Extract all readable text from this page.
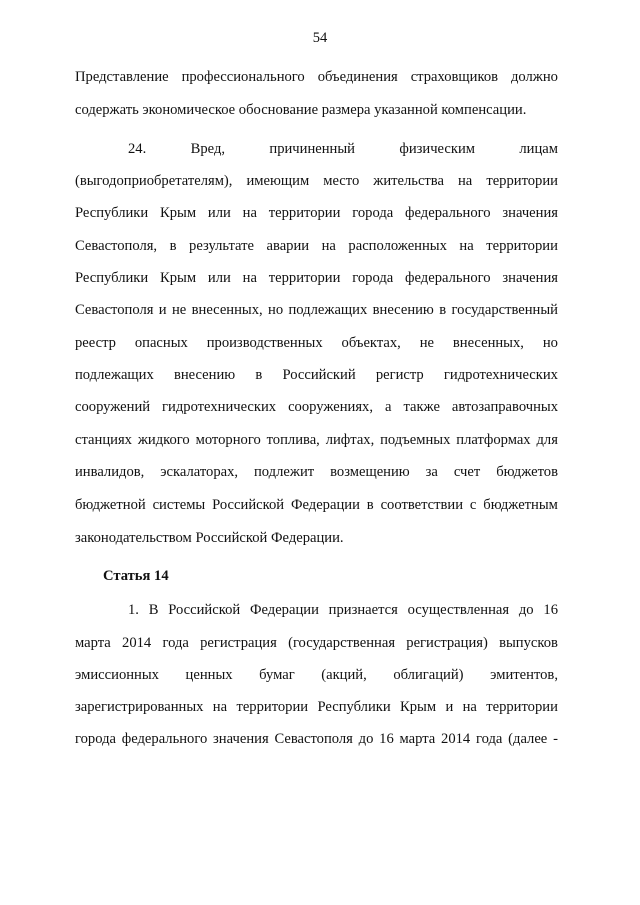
54
Представление профессионального объединения страховщиков должно
содержать экономическое обоснование размера указанной компенсации.
24.	Вред,	причиненный	физическим	лицам
(выгодоприобретателям), имеющим место жительства на территории
Республики Крым или на территории города федерального значения
Севастополя, в результате аварии на расположенных на территории
Республики Крым или на территории города федерального значения
Севастополя и не внесенных, но подлежащих внесению в государственный
реестр опасных производственных объектах, не внесенных, но
подлежащих внесению в Российский регистр гидротехнических
сооружений гидротехнических сооружениях, а также автозаправочных
станциях жидкого моторного топлива, лифтах, подъемных платформах для
инвалидов, эскалаторах, подлежит возмещению за счет бюджетов
бюджетной системы Российской Федерации в соответствии с бюджетным
законодательством Российской Федерации.
Статья 14
1. В Российской Федерации признается осуществленная до 16
марта 2014 года регистрация (государственная регистрация) выпусков
эмиссионных ценных бумаг (акций, облигаций) эмитентов,
зарегистрированных на территории Республики Крым и на территории
города федерального значения Севастополя до 16 марта 2014 года (далее -
